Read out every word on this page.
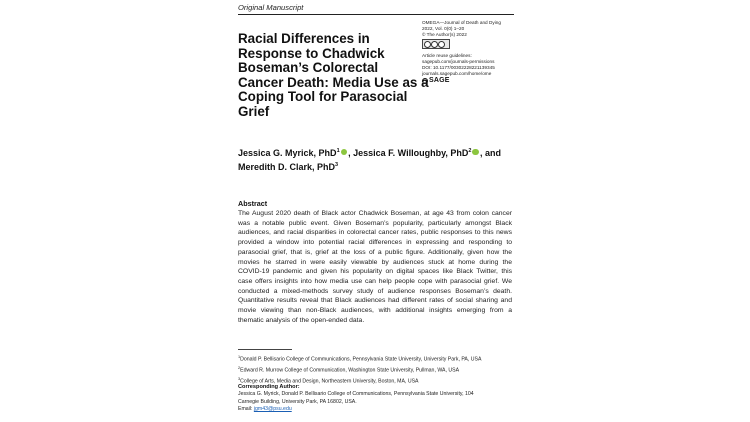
Original Manuscript
Racial Differences in
Response to Chadwick
Boseman’s Colorectal
Cancer Death: Media Use as a
Coping Tool for Parasocial
Grief
OMEGA—Journal of Death and Dying
2022, Vol. 0(0) 1–20
© The Author(s) 2022
Article reuse guidelines:
sagepub.com/journals-permissions
DOI: 10.1177/00302228221139345
journals.sagepub.com/home/ome
SAGE
Jessica G. Myrick, PhD$^1$ , Jessica F. Willoughby, PhD$^2$ , and
Meredith D. Clark, PhD$^3$
Abstract
The August 2020 death of Black actor Chadwick Boseman, at age 43 from colon cancer
was a notable public event. Given Boseman’s popularity, particularly amongst Black
audiences, and racial disparities in colorectal cancer rates, public responses to this news
provided a window into potential racial differences in expressing and responding to
parasocial grief, that is, grief at the loss of a public figure. Additionally, given how the
movies he starred in were easily viewable by audiences stuck at home during the
COVID-19 pandemic and given his popularity on digital spaces like Black Twitter, this
case offers insights into how media use can help people cope with parasocial grief. We
conducted a mixed-methods survey study of audience responses Boseman’s death.
Quantitative results reveal that Black audiences had different rates of social sharing and
movie viewing than non-Black audiences, with additional insights emerging from a
thematic analysis of the open-ended data.
$^1$Donald P. Bellisario College of Communications, Pennsylvania State University, University Park, PA, USA
$^2$Edward R. Murrow College of Communication, Washington State University, Pullman, WA, USA
$^3$College of Arts, Media and Design, Northeastern University, Boston, MA, USA
Corresponding Author:
Jessica G. Myrick, Donald P. Bellisario College of Communications, Pennsylvania State University, 104
Carnegie Building, University Park, PA 16802, USA.
Email: jgm43@psu.edu
